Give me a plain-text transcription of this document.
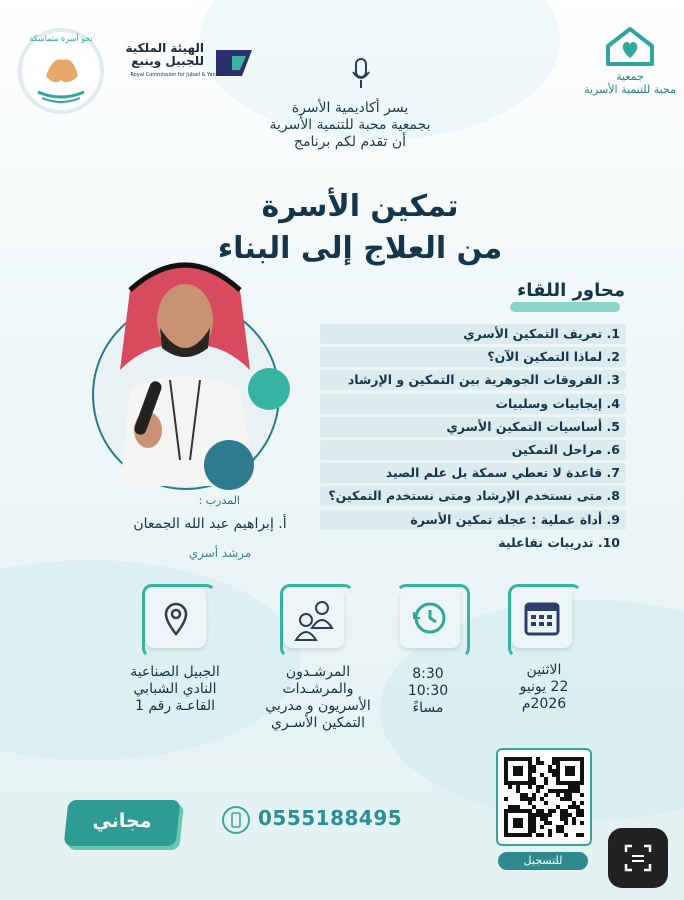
نحو أسرة متماسكة
الهيئة الملكية للجبيل وينبع
Royal Commission for Jubail & Yanbu	جمعية
محبة للتنمية الأسرية
يسر أكاديمية الأسرة
بجمعية محبة للتنمية الأسرية
أن تقدم لكم برنامج
تمكين الأسرة
من العلاج إلى البناء
محاور اللقاء
1. تعريف التمكين الأسري
2. لماذا التمكين الآن؟
3. الفروقات الجوهرية بين التمكين و الإرشاد
4. إيجابيات وسلبيات
5. أساسيات التمكين الأسري
6. مراحل التمكين
7. قاعدة لا تعطي سمكة بل علم الصيد
8. متى نستخدم الإرشاد ومتى نستخدم التمكين؟
9. أداة عملية : عجلة تمكين الأسرة
10. تدريبات تفاعلية
المدرب :
أ. إبراهيم عبد الله الجمعان
مرشد أسري
الاثنين
22 يونيو
2026م
8:30
10:30
مساءً
المرشـدون
والمرشـدات
الأسريون و مدربي
التمكين الأسـري
الجبيل الصناعية
النادي الشبابي
القاعـة رقم 1
للتسجيل
مجاني	0555188495
